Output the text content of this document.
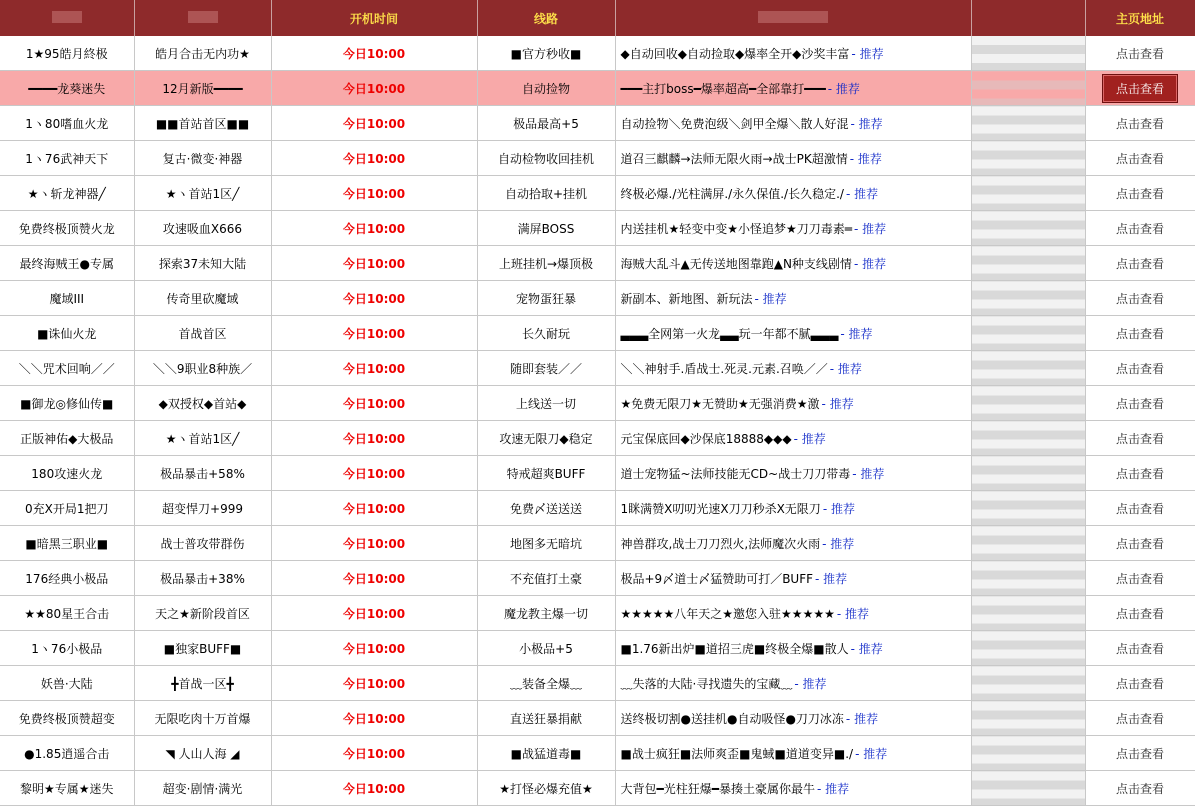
		开机时间	线路			主页地址
1★95皓月終极	皓月合击无内功★	今日10:00	■官方秒收■	◆自动回收◆自动捡取◆爆率全开◆沙奖丰富 - 推荐		点击查看
━━━━龙葵迷失	12月新版━━━━	今日10:00	自动捡物	━━━主打boss━爆率超高━全部靠打━━━ - 推荐		点击查看
1ヽ80嗜血火龙	■■首站首区■■	今日10:00	极品最高+5	自动捡物＼免费泡级＼剑甲全爆＼散人好混 - 推荐		点击查看
1ヽ76武神天下	复古·微变·神器	今日10:00	自动检物收回挂机	道召三麒麟→法师无限火雨→战士PK超激情 - 推荐		点击查看
★ヽ斩龙神器╱	★ヽ首站1区╱	今日10:00	自动拾取+挂机	终极必爆./光柱满屏./永久保值./长久稳定./ - 推荐		点击查看
免费终极顶赞火龙	攻速吸血X666	今日10:00	满屏BOSS	内送挂机★轻变中变★小怪追梦★刀刀毒素═ - 推荐		点击查看
最终海贼王●专属	探索37未知大陆	今日10:00	上班挂机→爆顶极	海贼大乱斗▲无传送地图靠跑▲N种支线剧情 - 推荐		点击查看
魔域III	传奇里砍魔域	今日10:00	宠物蛋狂暴	新副本、新地图、新玩法 - 推荐		点击查看
■诛仙火龙	首战首区	今日10:00	长久耐玩	▃▃▃全网第一火龙▃▃玩一年都不腻▃▃▃ - 推荐		点击查看
＼＼咒术回响／／	＼＼9职业8种族／	今日10:00	随即套装／／	＼＼神射手.盾战士.死灵.元素.召唤／／ - 推荐		点击查看
■御龙◎修仙传■	◆双授权◆首站◆	今日10:00	上线送一切	★免费无限刀★无赞助★无强消费★激 - 推荐		点击查看
正版神佑◆大极品	★ヽ首站1区╱	今日10:00	攻速无限刀◆稳定	元宝保底回◆沙保底18888◆◆◆ - 推荐		点击查看
180攻速火龙	极品暴击+58%	今日10:00	特戒超爽BUFF	道士宠物猛~法师技能无CD~战士刀刀带毒 - 推荐		点击查看
0充X开局1把刀	超变悍刀+999	今日10:00	免费〆送送送	1眯满赞X叨叨光速X刀刀秒杀X无限刀 - 推荐		点击查看
■暗黑三职业■	战士普攻带群伤	今日10:00	地图多无暗坑	神兽群攻,战士刀刀烈火,法师魔次火雨 - 推荐		点击查看
176经典小极品	极品暴击+38%	今日10:00	不充值打土豪	极品+9〆道士〆猛赞助可打／BUFF - 推荐		点击查看
★★80星王合击	天之★新阶段首区	今日10:00	魔龙教主爆一切	★★★★★八年天之★邀您入驻★★★★★ - 推荐		点击查看
1ヽ76小极品	■独家BUFF■	今日10:00	小极品+5	■1.76新出炉■道招三虎■终极全爆■散人 - 推荐		点击查看
妖兽·大陆	╋首战一区╋	今日10:00	﹏装备全爆﹏	﹏失落的大陆·寻找遗失的宝藏﹏ - 推荐		点击查看
免费终极顶赞超变	无限吃肉十万首爆	今日10:00	直送狂暴捐献	送终极切割●送挂机●自动吸怪●刀刀冰冻 - 推荐		点击查看
●1.85逍遥合击	◥ 人山人海 ◢	今日10:00	■战猛道毒■	■战士疯狂■法师爽歪■鬼蜮■道道变异■./ - 推荐		点击查看
黎明★专属★迷失	超变·剧情·满光	今日10:00	★打怪必爆充值★	大背包━光柱狂爆━暴揍土豪属你最牛 - 推荐		点击查看
